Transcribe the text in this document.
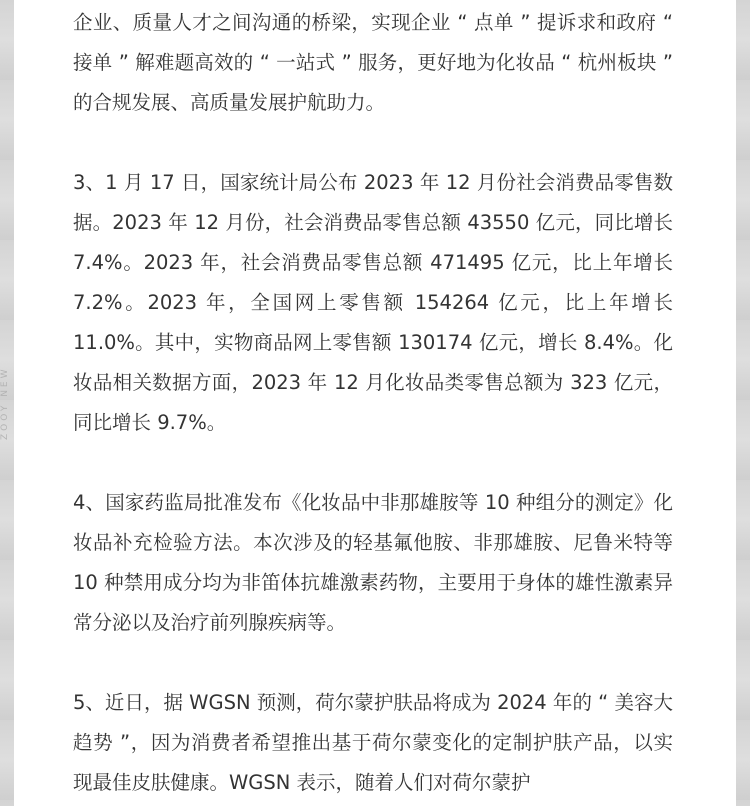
ZOOY NEW

企业、质量人才之间沟通的桥梁，实现企业 “ 点单 ” 提诉求和政府 “ 接单 ” 解难题高效的 “ 一站式 ” 服务，更好地为化妆品 “ 杭州板块 ” 的合规发展、高质量发展护航助力。

3、1 月 17 日，国家统计局公布 2023 年 12 月份社会消费品零售数据。2023 年 12 月份，社会消费品零售总额 43550 亿元，同比增长 7.4%。2023 年，社会消费品零售总额 471495 亿元，比上年增长 7.2%。2023 年，全国网上零售额 154264 亿元，比上年增长 11.0%。其中，实物商品网上零售额 130174 亿元，增长 8.4%。化妆品相关数据方面，2023 年 12 月化妆品类零售总额为 323 亿元，同比增长 9.7%。

4、国家药监局批准发布《化妆品中非那雄胺等 10 种组分的测定》化妆品补充检验方法。本次涉及的轻基氟他胺、非那雄胺、尼鲁米特等 10 种禁用成分均为非笛体抗雄激素药物，主要用于身体的雄性激素异常分泌以及治疗前列腺疾病等。

5、近日，据 WGSN 预测，荷尔蒙护肤品将成为 2024 年的 “ 美容大趋势 ”，因为消费者希望推出基于荷尔蒙变化的定制护肤产品，以实现最佳皮肤健康。WGSN 表示，随着人们对荷尔蒙护
